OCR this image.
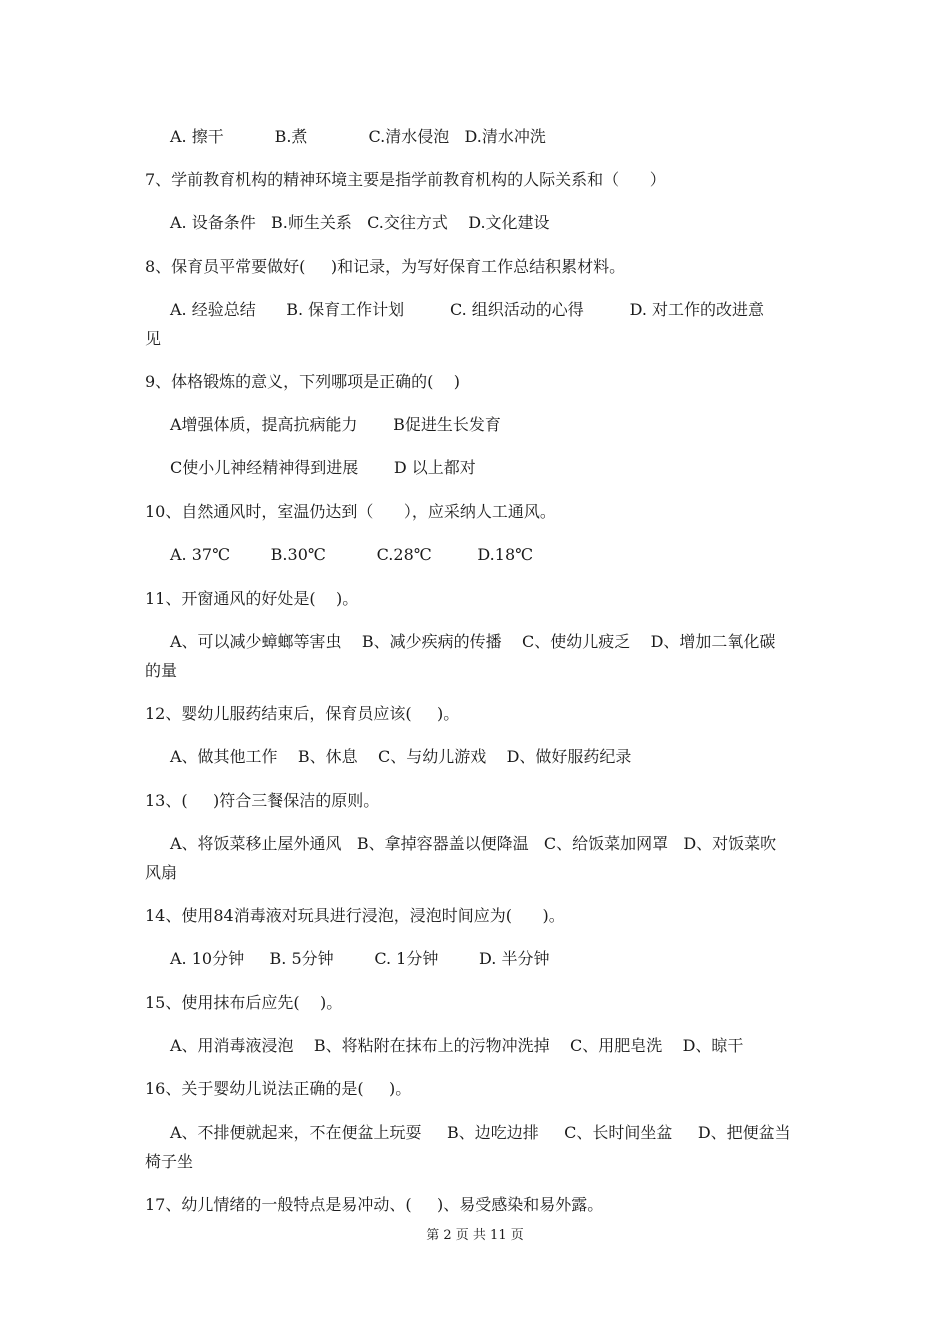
A. 擦干          B.煮            C.清水侵泡   D.清水冲洗
7、学前教育机构的精神环境主要是指学前教育机构的人际关系和（      ）
A. 设备条件   B.师生关系   C.交往方式    D.文化建设
8、保育员平常要做好(     )和记录，为写好保育工作总结积累材料。
A. 经验总结      B. 保育工作计划         C. 组织活动的心得         D. 对工作的改进意
见
9、体格锻炼的意义，下列哪项是正确的(    )
A增强体质，提高抗病能力       B促进生长发育
C使小儿神经精神得到进展       D 以上都对
10、自然通风时，室温仍达到（      ），应采纳人工通风。
A. 37℃        B.30℃          C.28℃         D.18℃
11、开窗通风的好处是(    )。
A、可以减少蟑螂等害虫    B、减少疾病的传播    C、使幼儿疲乏    D、增加二氧化碳
的量
12、婴幼儿服药结束后，保育员应该(     )。
A、做其他工作    B、休息    C、与幼儿游戏    D、做好服药纪录
13、(     )符合三餐保洁的原则。
A、将饭菜移止屋外通风   B、拿掉容器盖以便降温   C、给饭菜加网罩   D、对饭菜吹
风扇
14、使用84消毒液对玩具进行浸泡，浸泡时间应为(      )。
A. 10分钟     B. 5分钟        C. 1分钟        D. 半分钟
15、使用抹布后应先(    )。
A、用消毒液浸泡    B、将粘附在抹布上的污物冲洗掉    C、用肥皂洗    D、晾干
16、关于婴幼儿说法正确的是(     )。
A、不排便就起来，不在便盆上玩耍     B、边吃边排     C、长时间坐盆     D、把便盆当
椅子坐
17、幼儿情绪的一般特点是易冲动、(     )、易受感染和易外露。
第 2 页 共 11 页
